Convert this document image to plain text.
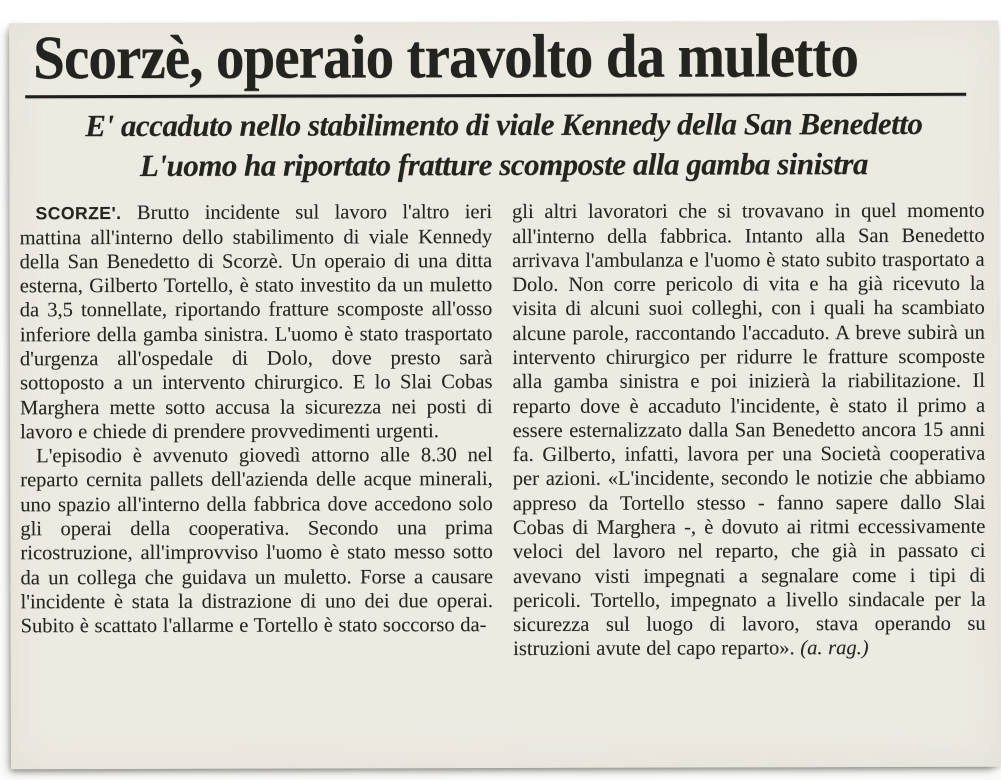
Scorzè, operaio travolto da muletto
E' accaduto nello stabilimento di viale Kennedy della San Benedetto
L'uomo ha riportato fratture scomposte alla gamba sinistra

SCORZE'. Brutto incidente sul lavoro l'altro ieri mattina all'interno dello stabilimento di viale Kennedy della San Benedetto di Scorzè. Un operaio di una ditta esterna, Gilberto Tortello, è stato investito da un muletto da 3,5 tonnellate, riportando fratture scomposte all'osso inferiore della gamba sinistra. L'uomo è stato trasportato d'urgenza all'ospedale di Dolo, dove presto sarà sottoposto a un intervento chirurgico. E lo Slai Cobas Marghera mette sotto accusa la sicurezza nei posti di lavoro e chiede di prendere provvedimenti urgenti.

L'episodio è avvenuto giovedì attorno alle 8.30 nel reparto cernita pallets dell'azienda delle acque minerali, uno spazio all'interno della fabbrica dove accedono solo gli operai della cooperativa. Secondo una prima ricostruzione, all'improvviso l'uomo è stato messo sotto da un collega che guidava un muletto. Forse a causare l'incidente è stata la distrazione di uno dei due operai. Subito è scattato l'allarme e Tortello è stato soccorso da-

gli altri lavoratori che si trovavano in quel momento all'interno della fabbrica. Intanto alla San Benedetto arrivava l'ambulanza e l'uomo è stato subito trasportato a Dolo. Non corre pericolo di vita e ha già ricevuto la visita di alcuni suoi colleghi, con i quali ha scambiato alcune parole, raccontando l'accaduto. A breve subirà un intervento chirurgico per ridurre le fratture scomposte alla gamba sinistra e poi inizierà la riabilitazione. Il reparto dove è accaduto l'incidente, è stato il primo a essere esternalizzato dalla San Benedetto ancora 15 anni fa. Gilberto, infatti, lavora per una Società cooperativa per azioni. «L'incidente, secondo le notizie che abbiamo appreso da Tortello stesso - fanno sapere dallo Slai Cobas di Marghera -, è dovuto ai ritmi eccessivamente veloci del lavoro nel reparto, che già in passato ci avevano visti impegnati a segnalare come i tipi di pericoli. Tortello, impegnato a livello sindacale per la sicurezza sul luogo di lavoro, stava operando su istruzioni avute del capo reparto». (a. rag.)
